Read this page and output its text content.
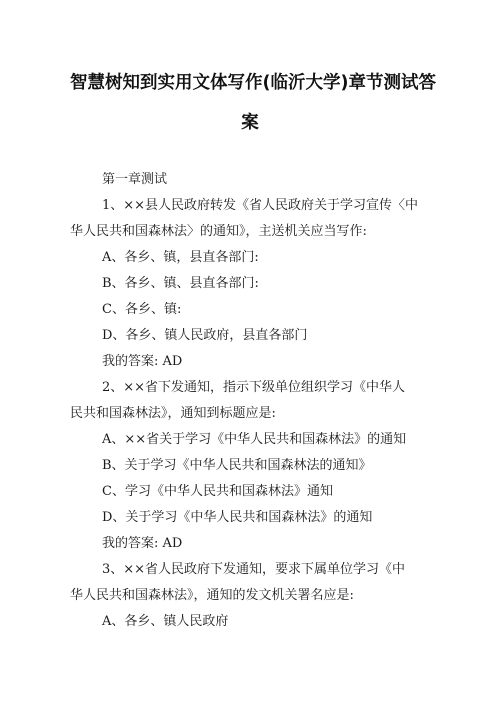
智慧树知到实用文体写作(临沂大学)章节测试答
案
第一章测试
1、××县人民政府转发《省人民政府关于学习宣传〈中
华人民共和国森林法〉的通知》，主送机关应当写作:
A、各乡、镇，县直各部门:
B、各乡、镇、县直各部门:
C、各乡、镇:
D、各乡、镇人民政府，县直各部门
我的答案: AD
2、××省下发通知，指示下级单位组织学习《中华人
民共和国森林法》，通知到标题应是:
A、××省关于学习《中华人民共和国森林法》的通知
B、关于学习《中华人民共和国森林法的通知》
C、学习《中华人民共和国森林法》通知
D、关于学习《中华人民共和国森林法》的通知
我的答案: AD
3、××省人民政府下发通知，要求下属单位学习《中
华人民共和国森林法》，通知的发文机关署名应是:
A、各乡、镇人民政府
